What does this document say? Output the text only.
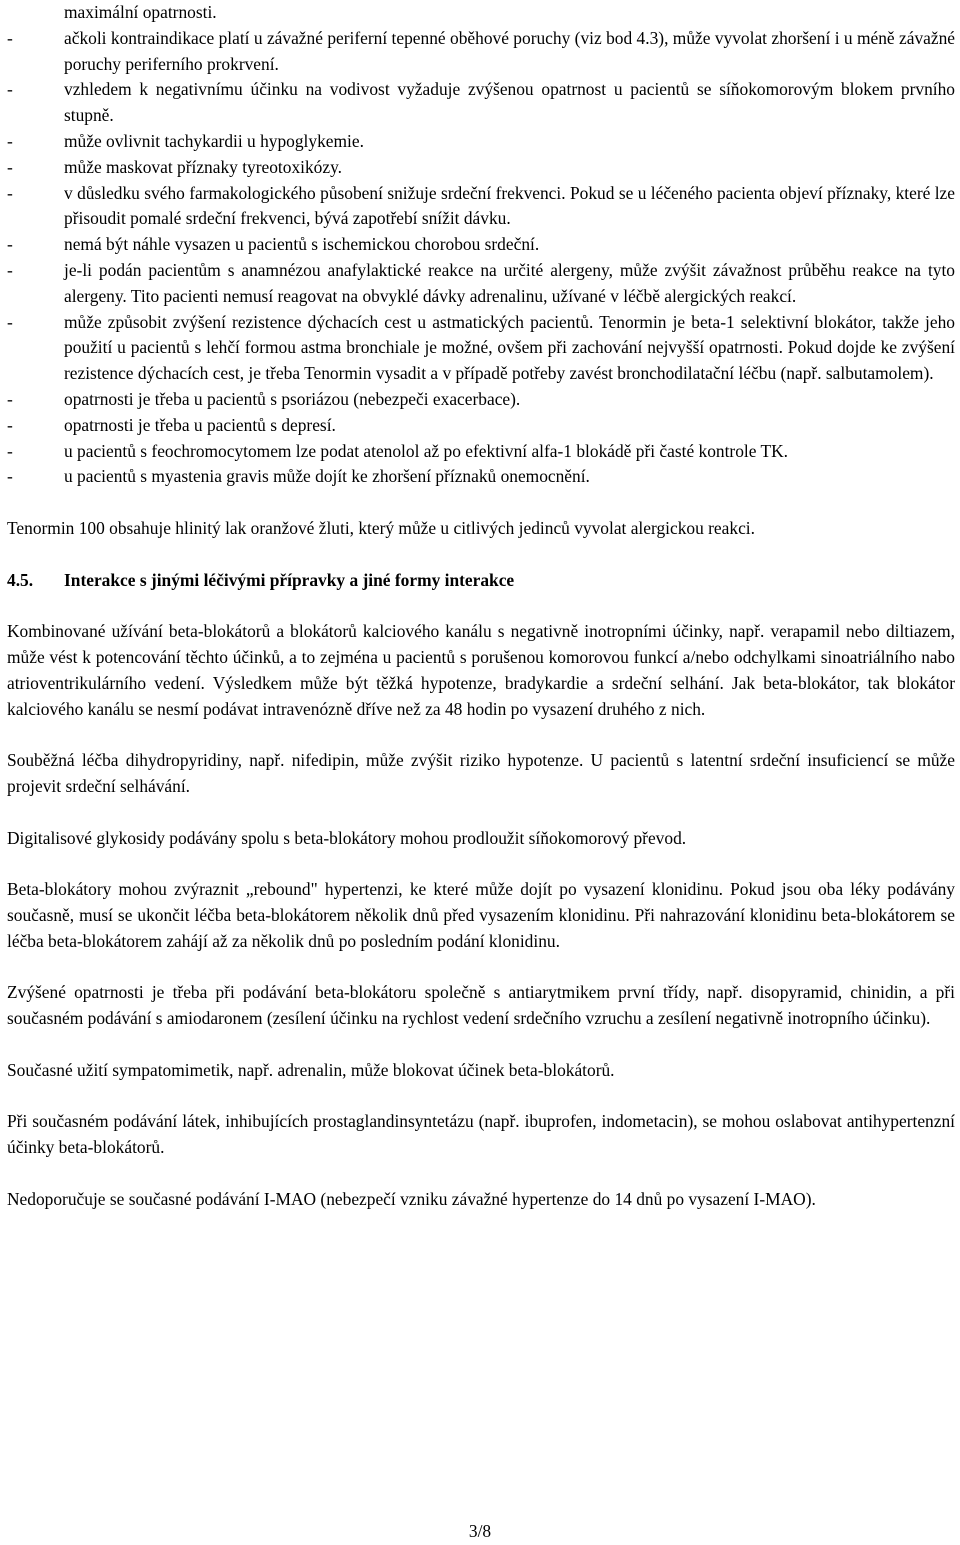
maximální opatrnosti.
-	ačkoli kontraindikace platí u závažné periferní tepenné oběhové poruchy (viz bod 4.3), může vyvolat zhoršení i u méně závažné poruchy periferního prokrvení.
-	vzhledem k negativnímu účinku na vodivost vyžaduje zvýšenou opatrnost u pacientů se síňokomorovým blokem prvního stupně.
-	může ovlivnit tachykardii u hypoglykemie.
-	může maskovat příznaky tyreotoxikózy.
-	v důsledku svého farmakologického působení snižuje srdeční frekvenci. Pokud se u léčeného pacienta objeví příznaky, které lze přisoudit pomalé srdeční frekvenci, bývá zapotřebí snížit dávku.
-	nemá být náhle vysazen u pacientů s ischemickou chorobou srdeční.
-	je-li podán pacientům s anamnézou anafylaktické reakce na určité alergeny, může zvýšit závažnost průběhu reakce na tyto alergeny. Tito pacienti nemusí reagovat na obvyklé dávky adrenalinu, užívané v léčbě alergických reakcí.
-	může způsobit zvýšení rezistence dýchacích cest u astmatických pacientů. Tenormin je beta-1 selektivní blokátor, takže jeho použití u pacientů s lehčí formou astma bronchiale je možné, ovšem při zachování nejvyšší opatrnosti. Pokud dojde ke zvýšení rezistence dýchacích cest, je třeba Tenormin vysadit a v případě potřeby zavést bronchodilatační léčbu (např. salbutamolem).
-	opatrnosti je třeba u pacientů s psoriázou (nebezpeči exacerbace).
-	opatrnosti je třeba u pacientů s depresí.
-	u pacientů s feochromocytomem lze podat atenolol až po efektivní alfa-1 blokádě při časté kontrole TK.
-	u pacientů s myastenia gravis může dojít ke zhoršení příznaků onemocnění.

Tenormin 100 obsahuje hlinitý lak oranžové žluti, který může u citlivých jedinců vyvolat alergickou reakci.

4.5.	Interakce s jinými léčivými přípravky a jiné formy interakce

Kombinované užívání beta-blokátorů a blokátorů kalciového kanálu s negativně inotropními účinky, např. verapamil nebo diltiazem, může vést k potencování těchto účinků, a to zejména u pacientů s porušenou komorovou funkcí a/nebo odchylkami sinoatriálního nabo atrioventrikulárního vedení. Výsledkem může být těžká hypotenze, bradykardie a srdeční selhání. Jak beta-blokátor, tak blokátor kalciového kanálu se nesmí podávat intravenózně dříve než za 48 hodin po vysazení druhého z nich.

Souběžná léčba dihydropyridiny, např. nifedipin, může zvýšit riziko hypotenze. U pacientů s latentní srdeční insuficiencí se může projevit srdeční selhávání.

Digitalisové glykosidy podávány spolu s beta-blokátory mohou prodloužit síňokomorový převod.

Beta-blokátory mohou zvýraznit „rebound" hypertenzi, ke které může dojít po vysazení klonidinu. Pokud jsou oba léky podávány současně, musí se ukončit léčba beta-blokátorem několik dnů před vysazením klonidinu. Při nahrazování klonidinu beta-blokátorem se léčba beta-blokátorem zahájí až za několik dnů po posledním podání klonidinu.

Zvýšené opatrnosti je třeba při podávání beta-blokátoru společně s antiarytmikem první třídy, např. disopyramid, chinidin, a při současném podávání s amiodaronem (zesílení účinku na rychlost vedení srdečního vzruchu a zesílení negativně inotropního účinku).

Současné užití sympatomimetik, např. adrenalin, může blokovat účinek beta-blokátorů.

Při současném podávání látek, inhibujících prostaglandinsyntetázu (např. ibuprofen, indometacin), se mohou oslabovat antihypertenzní účinky beta-blokátorů.

Nedoporučuje se současné podávání I-MAO (nebezpečí vzniku závažné hypertenze do 14 dnů po vysazení I-MAO).

3/8
